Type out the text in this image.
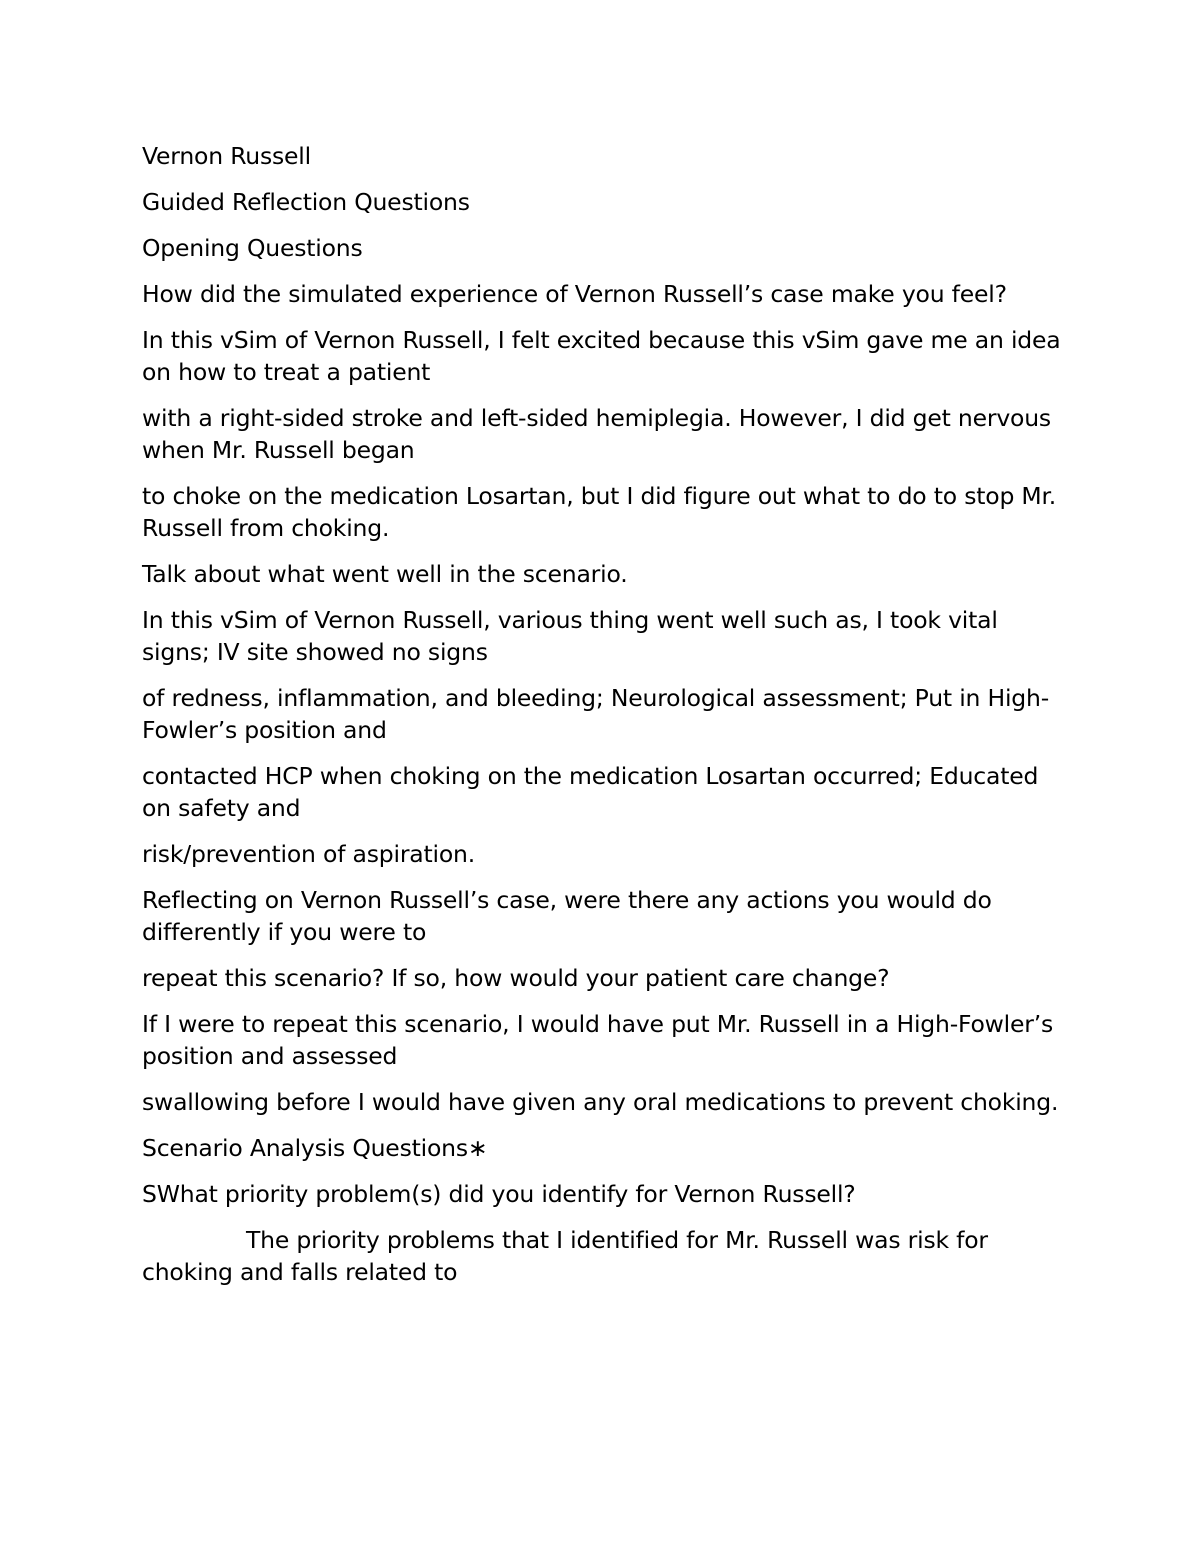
Vernon Russell

Guided Reflection Questions

Opening Questions

How did the simulated experience of Vernon Russell’s case make you feel?

In this vSim of Vernon Russell, I felt excited because this vSim gave me an idea on how to treat a patient

with a right-sided stroke and left-sided hemiplegia. However, I did get nervous when Mr. Russell began

to choke on the medication Losartan, but I did figure out what to do to stop Mr. Russell from choking.

Talk about what went well in the scenario.

In this vSim of Vernon Russell, various thing went well such as, I took vital signs; IV site showed no signs

of redness, inflammation, and bleeding; Neurological assessment; Put in High-Fowler’s position and

contacted HCP when choking on the medication Losartan occurred; Educated on safety and

risk/prevention of aspiration.

Reflecting on Vernon Russell’s case, were there any actions you would do differently if you were to

repeat this scenario? If so, how would your patient care change?

If I were to repeat this scenario, I would have put Mr. Russell in a High-Fowler’s position and assessed

swallowing before I would have given any oral medications to prevent choking.

Scenario Analysis Questions∗

SWhat priority problem(s) did you identify for Vernon Russell?

The priority problems that I identified for Mr. Russell was risk for choking and falls related to
